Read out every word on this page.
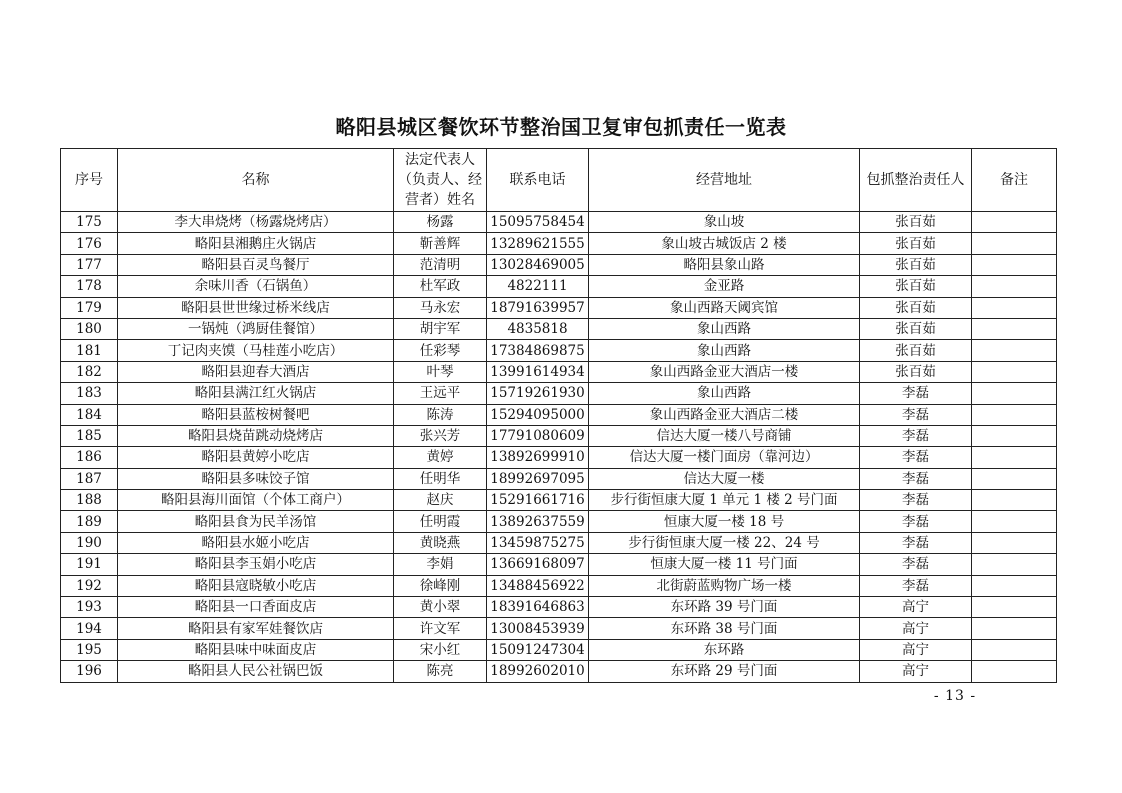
略阳县城区餐饮环节整治国卫复审包抓责任一览表
序号	名称	法定代表人（负责人、经营者）姓名	联系电话	经营地址	包抓整治责任人	备注
175	李大串烧烤（杨露烧烤店）	杨露	15095758454	象山坡	张百茹	
176	略阳县湘鹅庄火锅店	靳善辉	13289621555	象山坡古城饭店 2 楼	张百茹	
177	略阳县百灵鸟餐厅	范清明	13028469005	略阳县象山路	张百茹	
178	余味川香（石锅鱼）	杜军政	4822111	金亚路	张百茹	
179	略阳县世世缘过桥米线店	马永宏	18791639957	象山西路天阈宾馆	张百茹	
180	一锅炖（鸿厨佳餐馆）	胡宇军	4835818	象山西路	张百茹	
181	丁记肉夹馍（马桂莲小吃店）	任彩琴	17384869875	象山西路	张百茹	
182	略阳县迎春大酒店	叶琴	13991614934	象山西路金亚大酒店一楼	张百茹	
183	略阳县满江红火锅店	王远平	15719261930	象山西路	李磊	
184	略阳县蓝桉树餐吧	陈涛	15294095000	象山西路金亚大酒店二楼	李磊	
185	略阳县烧苗跳动烧烤店	张兴芳	17791080609	信达大厦一楼八号商铺	李磊	
186	略阳县黄婷小吃店	黄婷	13892699910	信达大厦一楼门面房（靠河边）	李磊	
187	略阳县多味饺子馆	任明华	18992697095	信达大厦一楼	李磊	
188	略阳县海川面馆（个体工商户）	赵庆	15291661716	步行街恒康大厦 1 单元 1 楼 2 号门面	李磊	
189	略阳县食为民羊汤馆	任明霞	13892637559	恒康大厦一楼 18 号	李磊	
190	略阳县水姬小吃店	黄晓燕	13459875275	步行街恒康大厦一楼 22、24 号	李磊	
191	略阳县李玉娟小吃店	李娟	13669168097	恒康大厦一楼 11 号门面	李磊	
192	略阳县寇晓敏小吃店	徐峰刚	13488456922	北街蔚蓝购物广场一楼	李磊	
193	略阳县一口香面皮店	黄小翠	18391646863	东环路 39 号门面	高宁	
194	略阳县有家军娃餐饮店	许文军	13008453939	东环路 38 号门面	高宁	
195	略阳县味中味面皮店	宋小红	15091247304	东环路	高宁	
196	略阳县人民公社锅巴饭	陈亮	18992602010	东环路 29 号门面	高宁	
- 13 -
